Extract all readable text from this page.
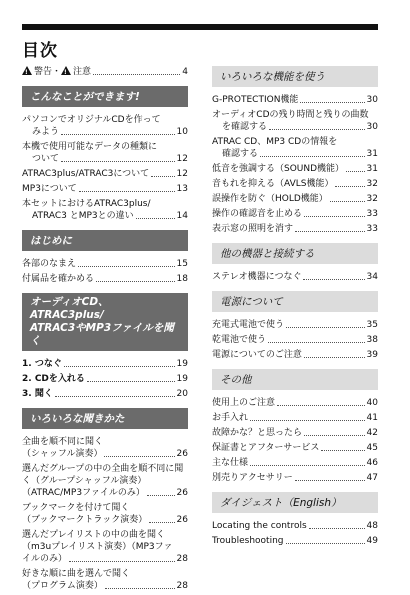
目次
!警告・ ! 注意	4
こんなことができます!
パソコンでオリジナルCDを作って
みよう	10
本機で使用可能なデータの種類に
ついて	12
ATRAC3plus/ATRAC3について	12
MP3について	13
本セットにおけるATRAC3plus/
ATRAC3 とMP3との違い	14
はじめに
各部のなまえ	15
付属品を確かめる	18
オーディオCD、ATRAC3plus/
ATRAC3やMP3ファイルを聞く
1. つなぐ	19
2. CDを入れる	19
3. 聞く	20
いろいろな聞きかた
全曲を順不同に聞く
（シャッフル演奏）	26
選んだグループの中の全曲を順不同に聞
く（グループシャッフル演奏）
（ATRAC/MP3ファイルのみ）	26
ブックマークを付けて聞く
（ブックマークトラック演奏）	26
選んだプレイリストの中の曲を聞く
（m3uプレイリスト演奏）（MP3ファ
イルのみ）	28
好きな順に曲を選んで聞く
（プログラム演奏）	28
いろいろな機能を使う
G-PROTECTION機能	30
オーディオCDの残り時間と残りの曲数
を確認する	30
ATRAC CD、MP3 CDの情報を
確認する	31
低音を強調する（SOUND機能） 31
音もれを抑える（AVLS機能）	32
誤操作を防ぐ（HOLD機能）	32
操作の確認音を止める	33
表示窓の照明を消す	33
他の機器と接続する
ステレオ機器につなぐ	34
電源について
充電式電池で使う	35
乾電池で使う	38
電源についてのご注意	39
その他
使用上のご注意	40
お手入れ	41
故障かな？と思ったら	42
保証書とアフターサービス	45
主な仕様	46
別売りアクセサリー	47
ダイジェスト（English）
Locating the controls	48
Troubleshooting	49
